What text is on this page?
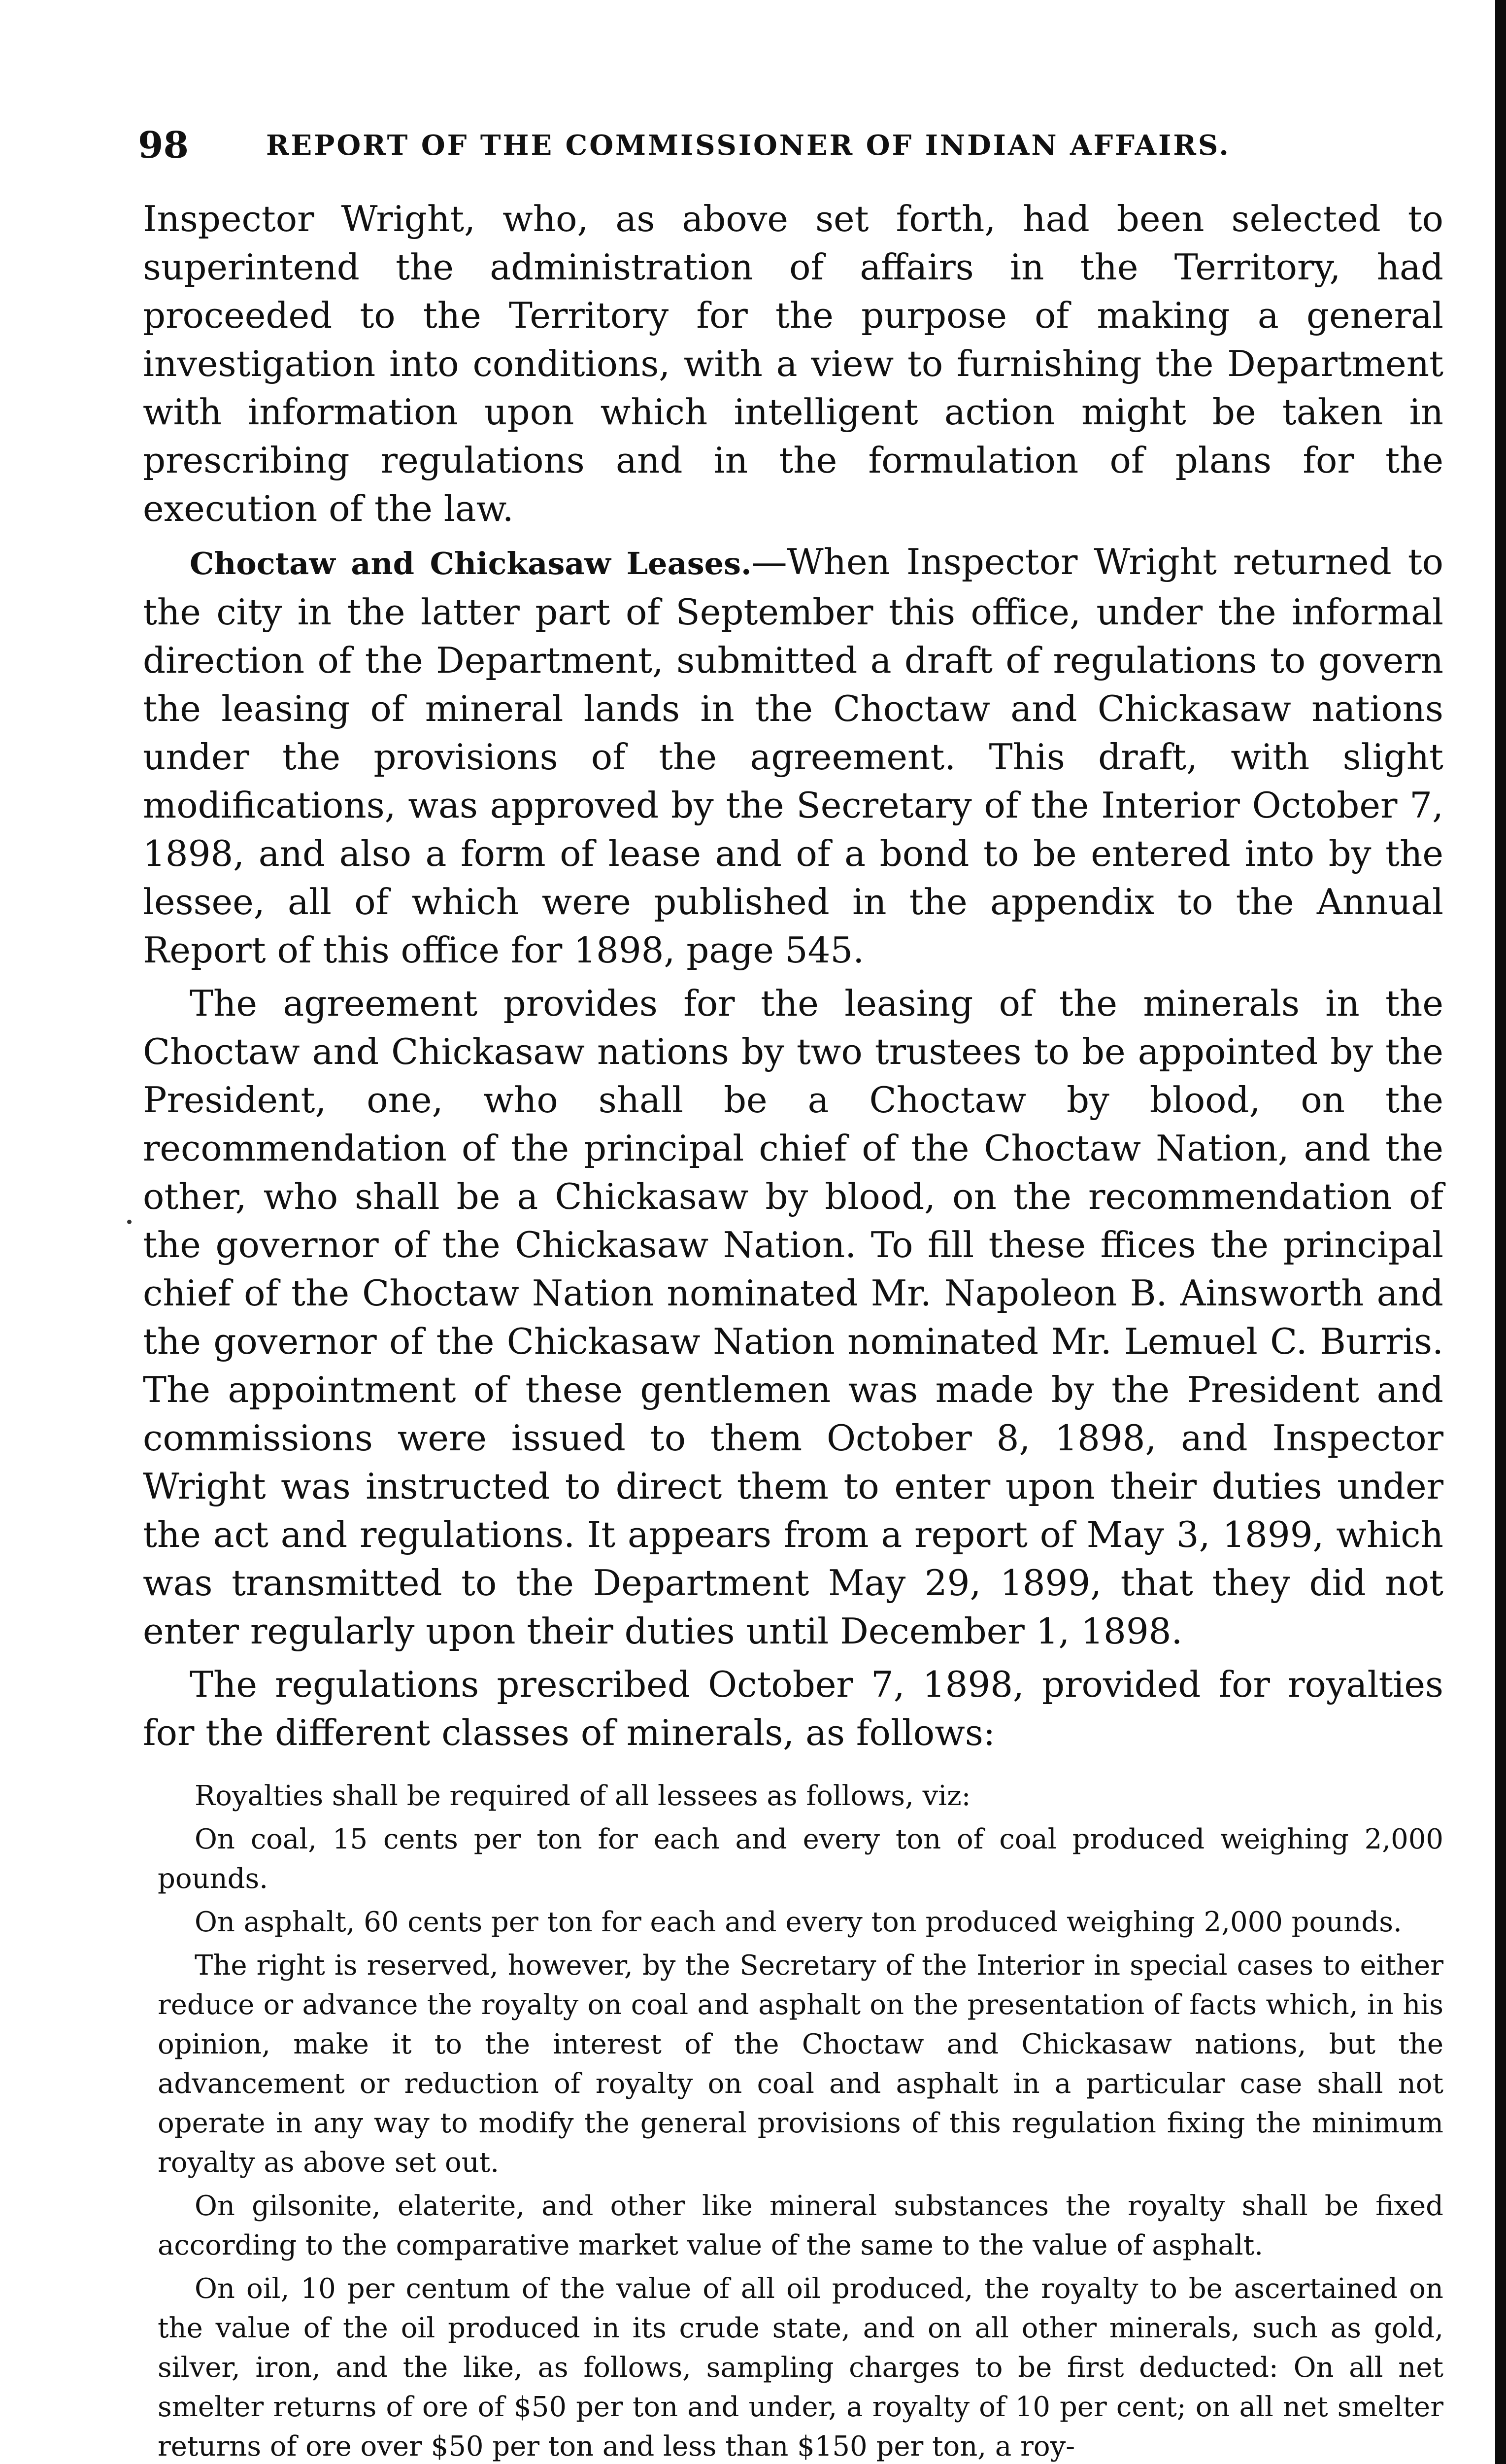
98	REPORT OF THE COMMISSIONER OF INDIAN AFFAIRS.

Inspector Wright, who, as above set forth, had been selected to superintend the administration of affairs in the Territory, had proceeded to the Territory for the purpose of making a general investigation into conditions, with a view to furnishing the Department with information upon which intelligent action might be taken in prescribing regulations and in the formulation of plans for the execution of the law.

Choctaw and Chickasaw Leases.—When Inspector Wright returned to the city in the latter part of September this office, under the informal direction of the Department, submitted a draft of regulations to govern the leasing of mineral lands in the Choctaw and Chickasaw nations under the provisions of the agreement. This draft, with slight modifications, was approved by the Secretary of the Interior October 7, 1898, and also a form of lease and of a bond to be entered into by the lessee, all of which were published in the appendix to the Annual Report of this office for 1898, page 545.

The agreement provides for the leasing of the minerals in the Choctaw and Chickasaw nations by two trustees to be appointed by the President, one, who shall be a Choctaw by blood, on the recommendation of the principal chief of the Choctaw Nation, and the other, who shall be a Chickasaw by blood, on the recommendation of the governor of the Chickasaw Nation. To fill these ffices the principal chief of the Choctaw Nation nominated Mr. Napoleon B. Ainsworth and the governor of the Chickasaw Nation nominated Mr. Lemuel C. Burris. The appointment of these gentlemen was made by the President and commissions were issued to them October 8, 1898, and Inspector Wright was instructed to direct them to enter upon their duties under the act and regulations. It appears from a report of May 3, 1899, which was transmitted to the Department May 29, 1899, that they did not enter regularly upon their duties until December 1, 1898.

The regulations prescribed October 7, 1898, provided for royalties for the different classes of minerals, as follows:

Royalties shall be required of all lessees as follows, viz:

On coal, 15 cents per ton for each and every ton of coal produced weighing 2,000 pounds.

On asphalt, 60 cents per ton for each and every ton produced weighing 2,000 pounds.

The right is reserved, however, by the Secretary of the Interior in special cases to either reduce or advance the royalty on coal and asphalt on the presentation of facts which, in his opinion, make it to the interest of the Choctaw and Chickasaw nations, but the advancement or reduction of royalty on coal and asphalt in a particular case shall not operate in any way to modify the general provisions of this regulation fixing the minimum royalty as above set out.

On gilsonite, elaterite, and other like mineral substances the royalty shall be fixed according to the comparative market value of the same to the value of asphalt.

On oil, 10 per centum of the value of all oil produced, the royalty to be ascertained on the value of the oil produced in its crude state, and on all other minerals, such as gold, silver, iron, and the like, as follows, sampling charges to be first deducted: On all net smelter returns of ore of $50 per ton and under, a royalty of 10 per cent; on all net smelter returns of ore over $50 per ton and less than $150 per ton, a roy-
